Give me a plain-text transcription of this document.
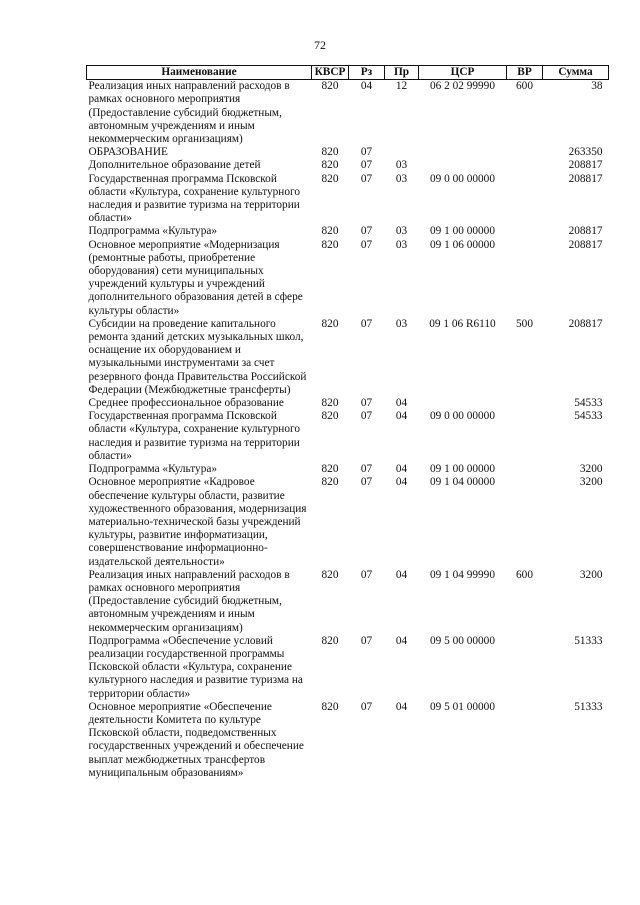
72
Наименование	КВСР	Рз	Пр	ЦСР	ВР	Сумма
Реализация иных направлений расходов в рамках основного мероприятия (Предоставление субсидий бюджетным, автономным учреждениям и иным некоммерческим организациям)	820	04	12	06 2 02 99990	600	38
ОБРАЗОВАНИЕ	820	07				263350
Дополнительное образование детей	820	07	03			208817
Государственная программа Псковской области «Культура, сохранение культурного наследия и развитие туризма на территории области»	820	07	03	09 0 00 00000		208817
Подпрограмма «Культура»	820	07	03	09 1 00 00000		208817
Основное мероприятие «Модернизация (ремонтные работы, приобретение оборудования) сети муниципальных учреждений культуры и учреждений дополнительного образования детей в сфере культуры области»	820	07	03	09 1 06 00000		208817
Субсидии на проведение капитального ремонта зданий детских музыкальных школ, оснащение их оборудованием и музыкальными инструментами за счет резервного фонда Правительства Российской Федерации (Межбюджетные трансферты)	820	07	03	09 1 06 R6110	500	208817
Среднее профессиональное образование	820	07	04			54533
Государственная программа Псковской области «Культура, сохранение культурного наследия и развитие туризма на территории области»	820	07	04	09 0 00 00000		54533
Подпрограмма «Культура»	820	07	04	09 1 00 00000		3200
Основное мероприятие «Кадровое обеспечение культуры области, развитие художественного образования, модернизация материально-технической базы учреждений культуры, развитие информатизации, совершенствование информационно-издательской деятельности»	820	07	04	09 1 04 00000		3200
Реализация иных направлений расходов в рамках основного мероприятия (Предоставление субсидий бюджетным, автономным учреждениям и иным некоммерческим организациям)	820	07	04	09 1 04 99990	600	3200
Подпрограмма «Обеспечение условий реализации государственной программы Псковской области «Культура, сохранение культурного наследия и развитие туризма на территории области»	820	07	04	09 5 00 00000		51333
Основное мероприятие «Обеспечение деятельности Комитета по культуре Псковской области, подведомственных государственных учреждений и обеспечение выплат межбюджетных трансфертов муниципальным образованиям»	820	07	04	09 5 01 00000		51333
